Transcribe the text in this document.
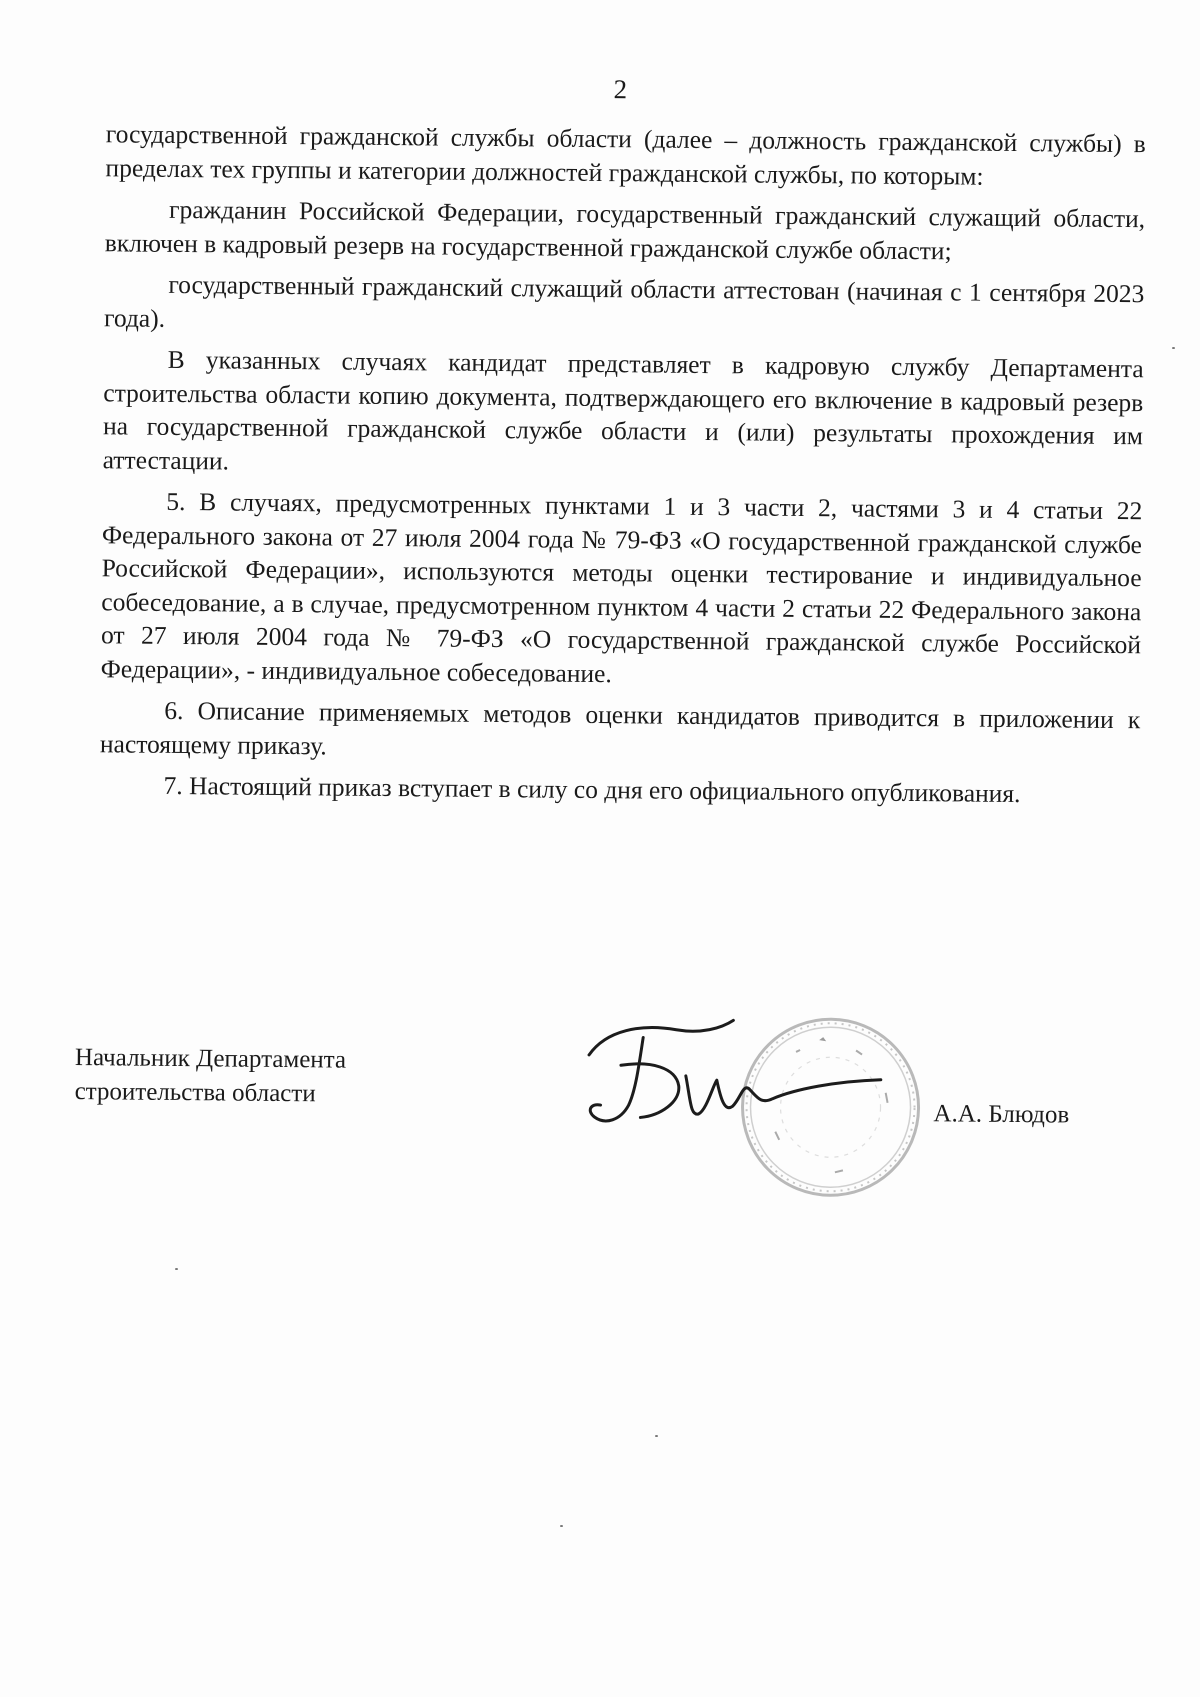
2

государственной гражданской службы области (далее – должность гражданской службы) в пределах тех группы и категории должностей гражданской службы, по которым:

гражданин Российской Федерации, государственный гражданский служащий области, включен в кадровый резерв на государственной гражданской службе области;

государственный гражданский служащий области аттестован (начиная с 1 сентября 2023 года).

В указанных случаях кандидат представляет в кадровую службу Департамента строительства области копию документа, подтверждающего его включение в кадровый резерв на государственной гражданской службе области и (или) результаты прохождения им аттестации.

5. В случаях, предусмотренных пунктами 1 и 3 части 2, частями 3 и 4 статьи 22 Федерального закона от 27 июля 2004 года № 79-ФЗ «О государственной гражданской службе Российской Федерации», используются методы оценки тестирование и индивидуальное собеседование, а в случае, предусмотренном пунктом 4 части 2 статьи 22 Федерального закона от 27 июля 2004 года № 79-ФЗ «О государственной гражданской службе Российской Федерации», - индивидуальное собеседование.

6. Описание применяемых методов оценки кандидатов приводится в приложении к настоящему приказу.

7. Настоящий приказ вступает в силу со дня его официального опубликования.

Начальник Департамента
строительства области
А.А. Блюдов
